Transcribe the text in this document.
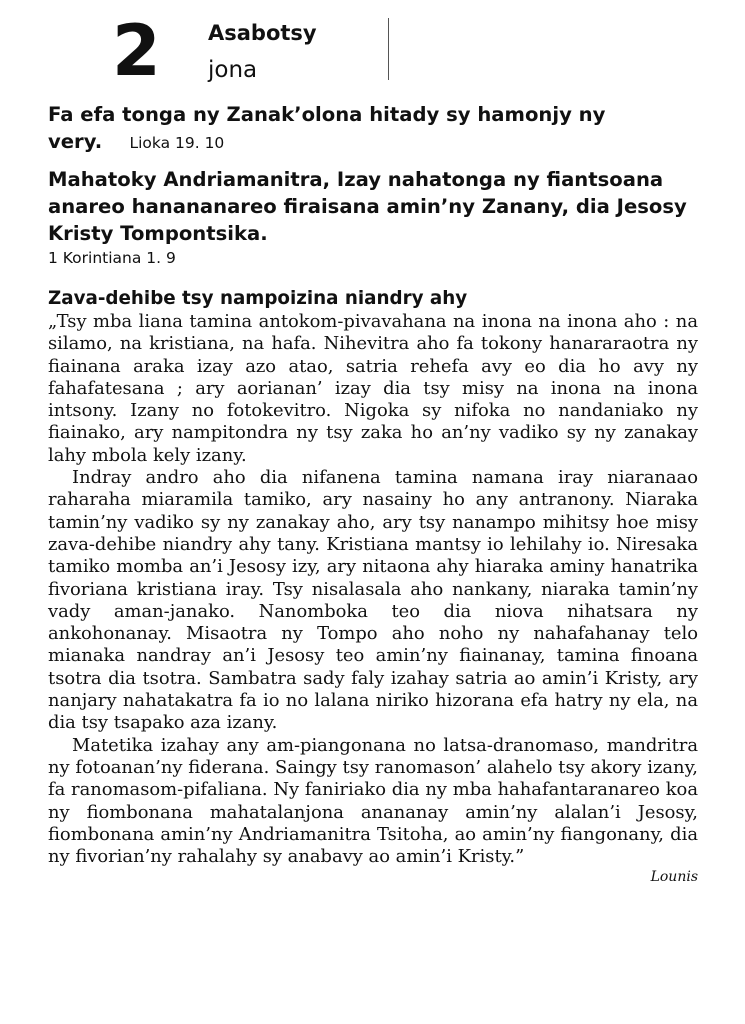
2 Asabotsy
jona

Fa efa tonga ny Zanak’olona hitady sy hamonjy ny very. Lioka 19. 10

Mahatoky Andriamanitra, Izay nahatonga ny fiantsoana anareo hanananareo firaisana amin’ny Zanany, dia Jesosy Kristy Tompontsika.

1 Korintiana 1. 9

Zava-dehibe tsy nampoizina niandry ahy

„Tsy mba liana tamina antokom-pivavahana na inona na inona aho : na silamo, na kristiana, na hafa. Nihevitra aho fa tokony hanararaotra ny fiainana araka izay azo atao, satria rehefa avy eo dia ho avy ny fahafatesana ; ary aorianan’ izay dia tsy misy na inona na inona intsony. Izany no fotokevitro. Nigoka sy nifoka no nandaniako ny fiainako, ary nampitondra ny tsy zaka ho an’ny vadiko sy ny zanakay lahy mbola kely izany.

Indray andro aho dia nifanena tamina namana iray niaranaao raharaha miaramila tamiko, ary nasainy ho any antranony. Niaraka tamin’ny vadiko sy ny zanakay aho, ary tsy nanampo mihitsy hoe misy zava-dehibe niandry ahy tany. Kristiana mantsy io lehilahy io. Niresaka tamiko momba an’i Jesosy izy, ary nitaona ahy hiaraka aminy hanatrika fivoriana kristiana iray. Tsy nisalasala aho nankany, niaraka tamin’ny vady aman-janako. Nanomboka teo dia niova nihatsara ny ankohonanay. Misaotra ny Tompo aho noho ny nahafahanay telo mianaka nandray an’i Jesosy teo amin’ny fiainanay, tamina finoana tsotra dia tsotra. Sambatra sady faly izahay satria ao amin’i Kristy, ary nanjary nahatakatra fa io no lalana niriko hizorana efa hatry ny ela, na dia tsy tsapako aza izany.

Matetika izahay any am-piangonana no latsa-dranomaso, mandritra ny fotoanan’ny fiderana. Saingy tsy ranomason’ alahelo tsy akory izany, fa ranomasom-pifaliana. Ny faniriako dia ny mba hahafantaranareo koa ny fiombonana mahatalanjona anananay amin’ny alalan’i Jesosy, fiombonana amin’ny Andriamanitra Tsitoha, ao amin’ny fiangonany, dia ny fivorian’ny rahalahy sy anabavy ao amin’i Kristy.”

Lounis
